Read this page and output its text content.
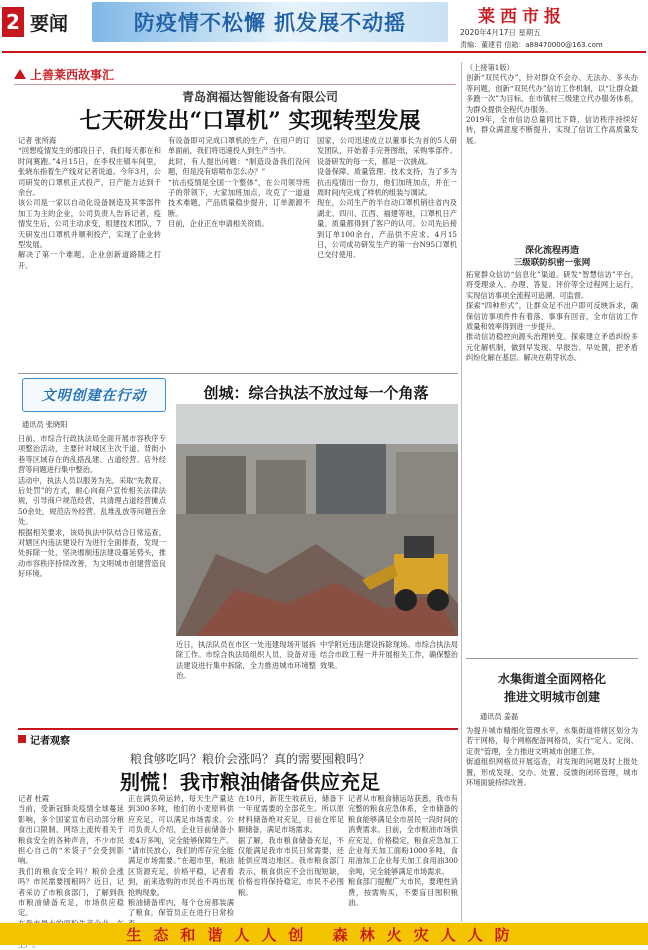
2 要闻	防疫情不松懈 抓发展不动摇	莱西市报
2020年4月17日 星期五
责编：董建君 信箱：a88470000@163.com
上善莱西故事汇
青岛润福达智能设备有限公司
七天研发出“口罩机” 实现转型发展
记者 张所海
“回想疫情发生的那段日子，我们每天都在和时间赛跑。”4月15日，在李权庄镇车间里，张晓东指着生产线对记者说道。今年3月，公司研发的口罩机正式投产，日产能力达到千余台。
该公司是一家以自动化设备制造及其零部件加工为主的企业，公司负责人告诉记者，疫情发生后，公司主动求变，组建技术团队，7天研发出口罩机并顺利投产，实现了企业转型发展。
解决了第一个难题，企业创新道路随之打开。
有设备即可完成口罩机的生产，在用户的订单面前，我们将迅速投入到生产当中。
此时，有人提出问题：“制造设备我们没问题，但是没有熔喷布怎么办？”
“抗击疫情是全国一个整体”，在公司领导班子的带领下，大家加班加点，攻克了一道道技术难题，产品质量稳步提升，订单源源不断。
目前，企业正在申请相关资质。
国家，公司迅速成立以董事长为首的5人研发团队，开始着手完善图纸，采购零部件。设备研发的每一天，都是一次挑战。
设备保障、质量管理、技术支持，为了多为抗击疫情出一份力，他们加班加点，并在一周时间内完成了样机的组装与调试。
现在，公司生产的半自动口罩机销往省内及湖北、四川、江西、福建等地，口罩机日产量、质量都得到了客户的认可。公司先后接到订单100余台，产品供不应求。4月15日，公司成功研发生产的第一台N95口罩机已交付使用。
（上接第1版）
创新“双民代办”，针对群众不会办、无法办、多头办等问题，创新“双民代办”信访工作机制，以“让群众最多跑一次”为目标，在市镇村三级建立代办服务体系，为群众提供全程代办服务。
2019年，全市信访总量同比下降，信访秩序持续好转，群众满意度不断提升，实现了信访工作高质量发展。
深化流程再造
三级联防织密一张网
拓宽群众信访“信息化”渠道。研发“智慧信访”平台，将受理录入、办理、答复、评价等全过程网上运行，实现信访事项全流程可追溯、可监督。
探索“四种形式”，让群众足不出户即可反映诉求，确保信访事项件件有着落、事事有回音，全市信访工作质量和效率得到进一步提升。
推动信访稳控向源头治理转变。探索建立矛盾纠纷多元化解机制，做到早发现、早报告、早处置，把矛盾纠纷化解在基层、解决在萌芽状态。
水集街道全面网格化
推进文明城市创建
通讯员 姜磊
为提升城市精细化管理水平，水集街道将辖区划分为若干网格，每个网格配备网格员，实行“定人、定岗、定责”管理，全力推进文明城市创建工作。
街道组织网格员开展巡查，对发现的问题及时上报处置，形成发现、交办、处置、反馈的闭环管理，城市环境面貌持续改善。
文明创建在行动
通讯员 张晓阳
日前，市综合行政执法局全面开展市容秩序专项整治活动，主要针对城区主次干道、背街小巷等区域存在的乱搭乱建、占道经营、店外经营等问题进行集中整治。
活动中，执法人员以服务为先，采取“先教育、后处罚”的方式，耐心向商户宣传相关法律法规，引导商户规范经营，共清理占道经营摊点50余处，规范店外经营、乱堆乱放等问题百余处。
根据相关要求，该局执法中队结合日常巡查，对辖区内违法建设行为进行全面排查，发现一处拆除一处，坚决遏制违法建设蔓延势头，推动市容秩序持续改善，为文明城市创建营造良好环境。
创城：综合执法不放过每一个角落
近日，执法队员在市区一处违建现场开展拆除工作。市综合执法局组织人员、设备对违法建设进行集中拆除，全力推进城市环境整治。
中学附近违法建设拆除现场。市综合执法局结合市政工程一并开展相关工作，确保整治效果。
记者观察
粮食够吃吗？粮价会涨吗？真的需要囤粮吗？
别慌！我市粮油储备供应充足
记者 杜霞
当前，受新冠肺炎疫情全球蔓延影响，多个国家宣布启动部分粮食出口限制，网络上流传着关于粮食安全的各种声音，不少市民担心自己的“米袋子”会受到影响。
我们的粮食安全吗？粮价会涨吗？市民需要囤粮吗？近日，记者采访了市粮食部门，了解到我市粮油储备充足，市场供应稳定。

正在满负荷运转，每天生产量达到300多吨，他们的小麦原料供应充足，可以满足市场需求。公司负责人介绍，企业目前储备小麦4万多吨，完全能够保障生产。
“请市民放心，我们的库存完全能满足市场需要。”在超市里，粮油区货源充足，价格平稳，记者看到，前来选购的市民也不再出现抢购现象。
粮油储备库内，每个仓房都装满了粮食，保管员正在进行日常检
在10月，新花生收获后，储备下一年度需要的全部花生。所以原材料储备绝对充足，目前仓库足额储备，满足市场需求。
据了解，我市粮食储备充足，不仅能满足我市市民日常需要，还能供应周边地区。我市粮食部门表示，粮食供应不会出现短缺，价格也将保持稳定，市民不必囤粮。
记者从市粮食储运站获悉，我市有完整的粮食应急体系，全市储备的粮食能够满足全市居民一段时间的消费需求。目前，全市粮油市场供应充足，价格稳定，粮食应急加工企业每天加工面粉1000多吨，食用油加工企业每天加工食用油300余吨，完全能够满足市场需求。
粮食部门提醒广大市民，要理性消费，按需购买，不要盲目囤积粮油。
生态和谐人人创 森林火灾人人防
